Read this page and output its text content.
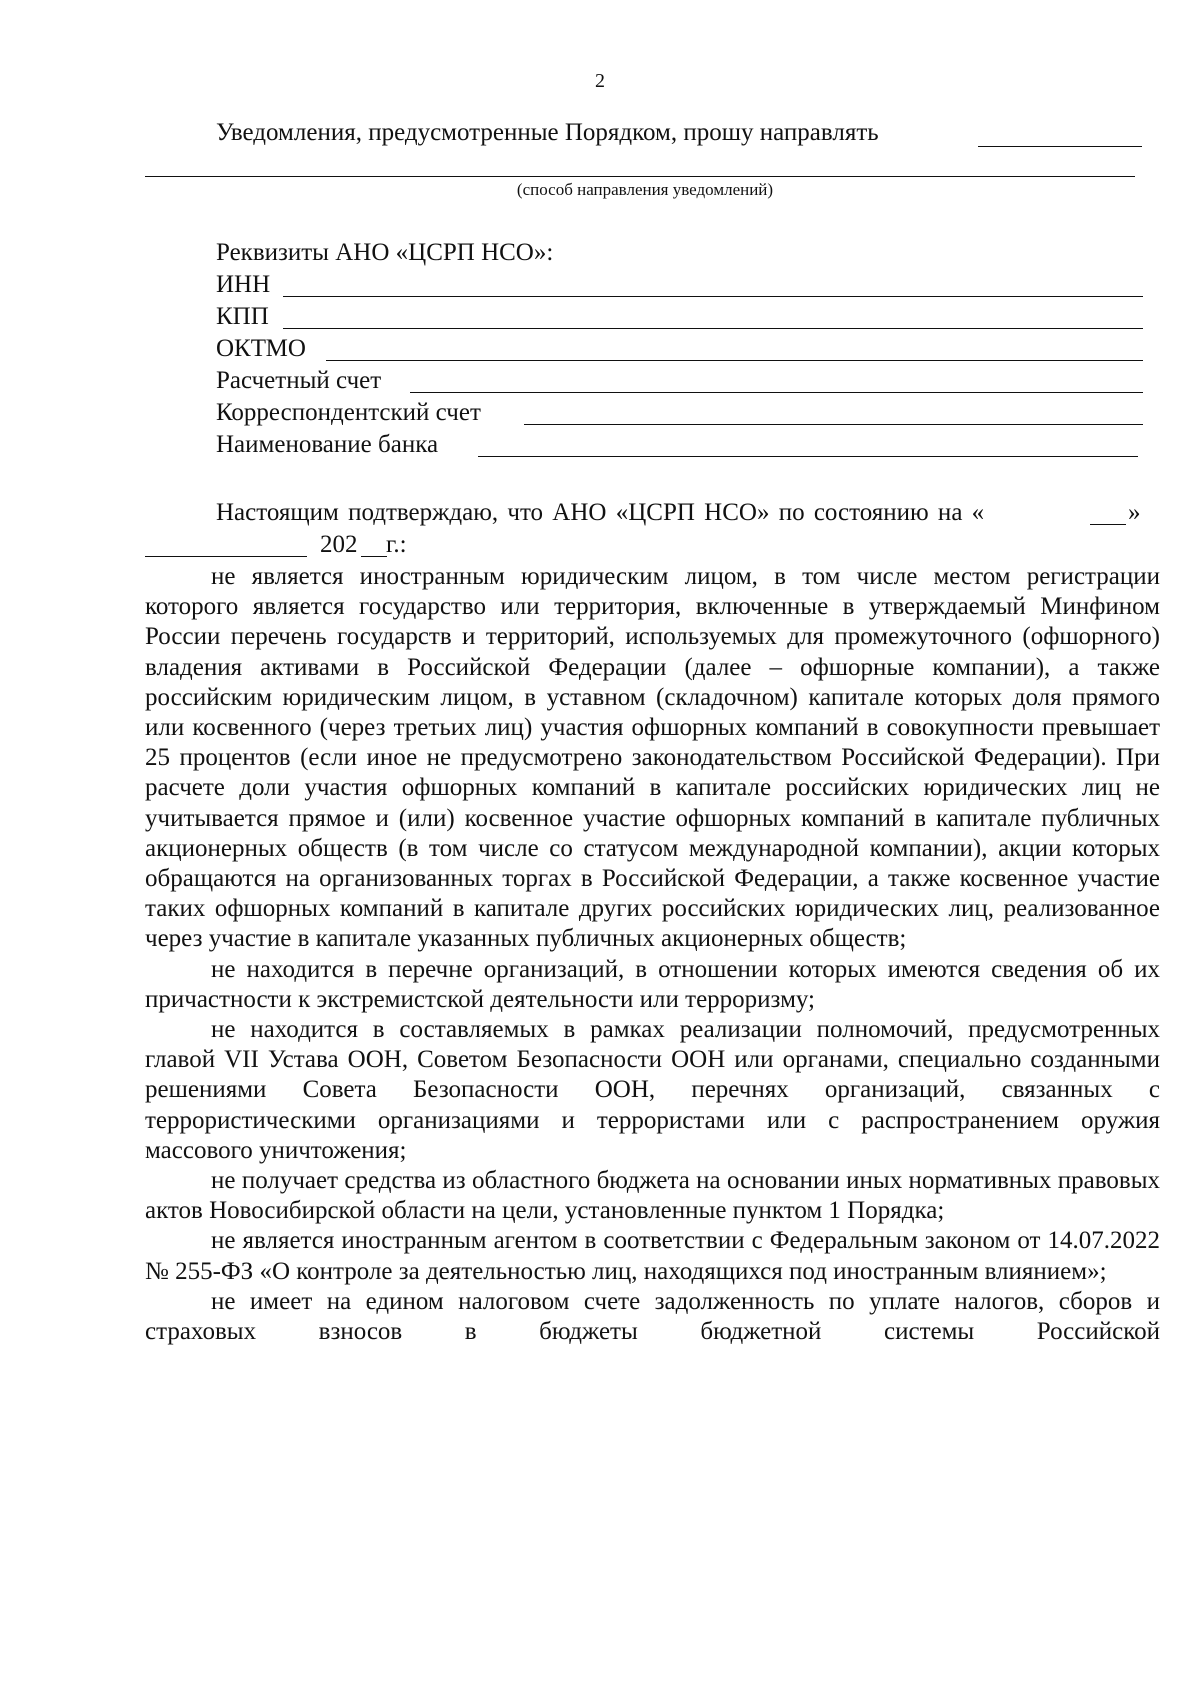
2
Уведомления, предусмотренные Порядком, прошу направлять
(способ направления уведомлений)
Реквизиты АНО «ЦСРП НСО»:
ИНН
КПП
ОКТМО
Расчетный счет
Корреспондентский счет
Наименование банка
Настоящим подтверждаю, что АНО «ЦСРП НСО» по состоянию на «	»
202 г.:

не является иностранным юридическим лицом, в том числе местом регистрации которого является государство или территория, включенные в утверждаемый Минфином России перечень государств и территорий, используемых для промежуточного (офшорного) владения активами в Российской Федерации (далее – офшорные компании), а также российским юридическим лицом, в уставном (складочном) капитале которых доля прямого или косвенного (через третьих лиц) участия офшорных компаний в совокупности превышает 25 процентов (если иное не предусмотрено законодательством Российской Федерации). При расчете доли участия офшорных компаний в капитале российских юридических лиц не учитывается прямое и (или) косвенное участие офшорных компаний в капитале публичных акционерных обществ (в том числе со статусом международной компании), акции которых обращаются на организованных торгах в Российской Федерации, а также косвенное участие таких офшорных компаний в капитале других российских юридических лиц, реализованное через участие в капитале указанных публичных акционерных обществ;

не находится в перечне организаций, в отношении которых имеются сведения об их причастности к экстремистской деятельности или терроризму;

не находится в составляемых в рамках реализации полномочий, предусмотренных главой VII Устава ООН, Советом Безопасности ООН или органами, специально созданными решениями Совета Безопасности ООН, перечнях организаций, связанных с террористическими организациями и террористами или с распространением оружия массового уничтожения;

не получает средства из областного бюджета на основании иных нормативных правовых актов Новосибирской области на цели, установленные пунктом 1 Порядка;

не является иностранным агентом в соответствии с Федеральным законом от 14.07.2022 № 255-ФЗ «О контроле за деятельностью лиц, находящихся под иностранным влиянием»;

не имеет на едином налоговом счете задолженность по уплате налогов, сборов и страховых взносов в бюджеты бюджетной системы Российской
